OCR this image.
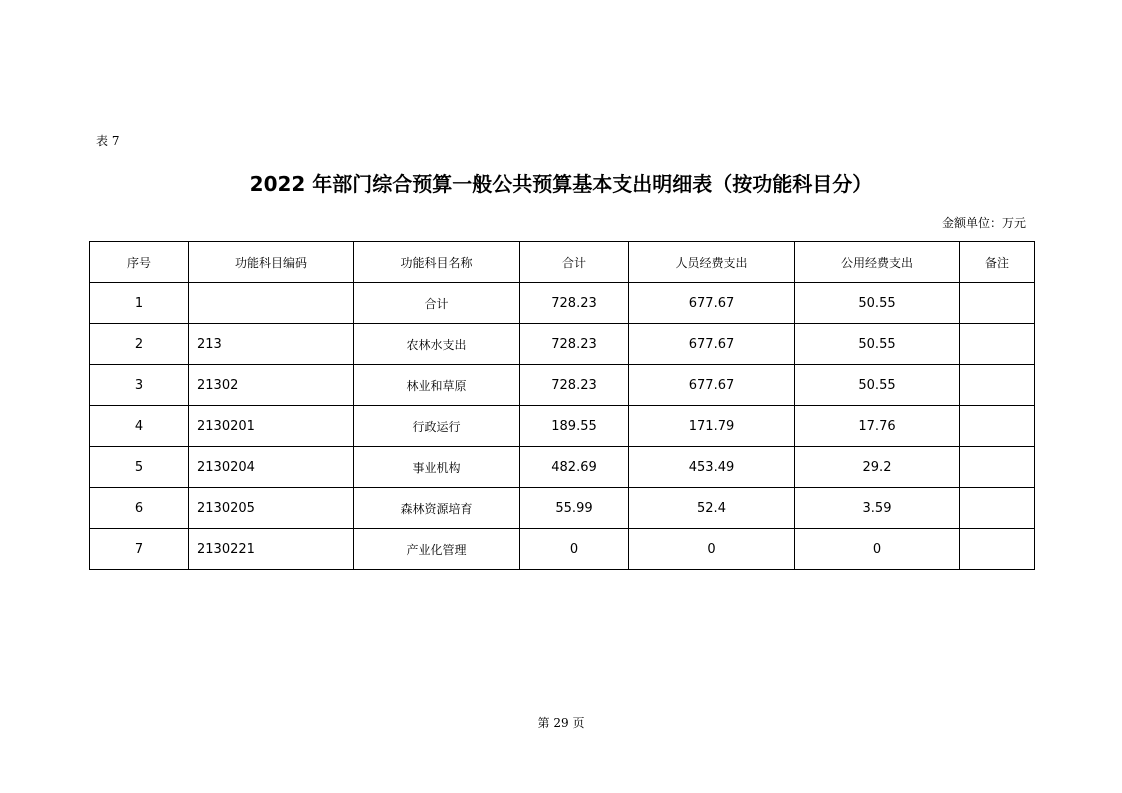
表 7
2022 年部门综合预算一般公共预算基本支出明细表（按功能科目分）
金额单位：万元
序号	功能科目编码	功能科目名称	合计	人员经费支出	公用经费支出	备注
1		合计	728.23	677.67	50.55	
2	213	农林水支出	728.23	677.67	50.55	
3	21302	林业和草原	728.23	677.67	50.55	
4	2130201	行政运行	189.55	171.79	17.76	
5	2130204	事业机构	482.69	453.49	29.2	
6	2130205	森林资源培育	55.99	52.4	3.59	
7	2130221	产业化管理	0	0	0	
第 29 页
